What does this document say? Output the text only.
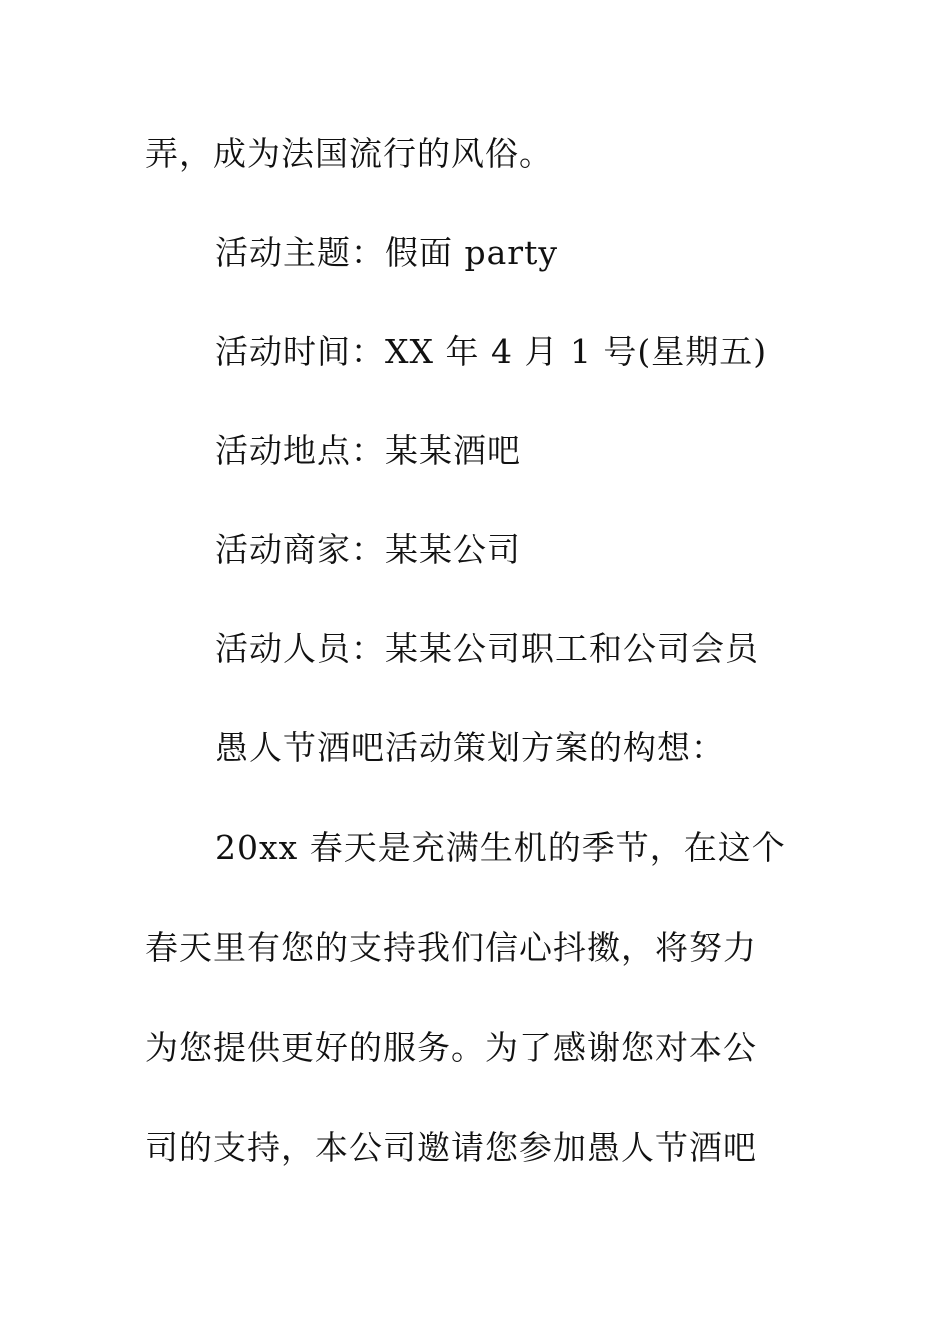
弄，成为法国流行的风俗。
活动主题：假面 party
活动时间：XX 年 4 月 1 号(星期五)
活动地点：某某酒吧
活动商家：某某公司
活动人员：某某公司职工和公司会员
愚人节酒吧活动策划方案的构想：
20xx 春天是充满生机的季节，在这个
春天里有您的支持我们信心抖擞，将努力
为您提供更好的服务。为了感谢您对本公
司的支持，本公司邀请您参加愚人节酒吧
